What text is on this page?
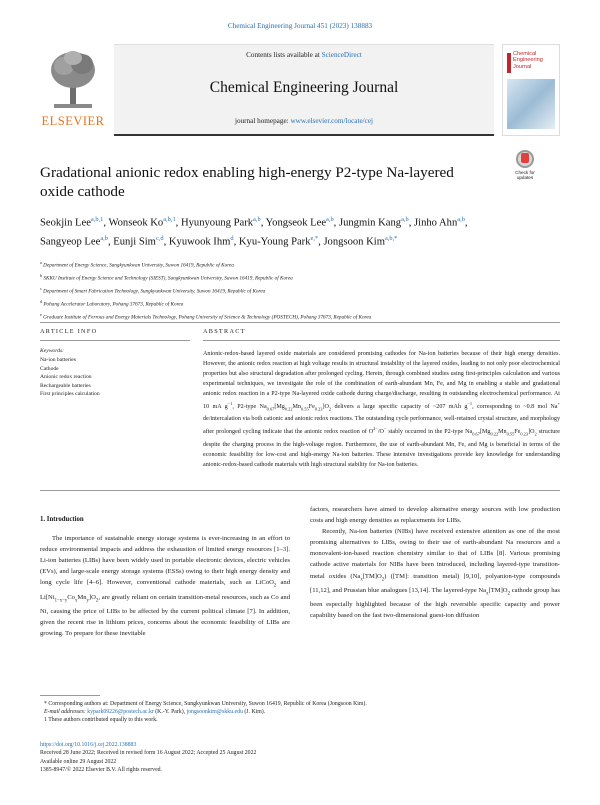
Chemical Engineering Journal 451 (2023) 138883
ELSEVIER
Contents lists available at ScienceDirect
Chemical Engineering Journal
journal homepage: www.elsevier.com/locate/cej
Chemical Engineering Journal
Gradational anionic redox enabling high-energy P2-type Na-layered oxide cathode
Check for updates
Seokjin Lee$^{a,b,1}$, Wonseok Ko$^{a,b,1}$, Hyunyoung Park$^{a,b}$, Yongseok Lee$^{a,b}$, Jungmin Kang$^{a,b}$, Jinho Ahn$^{a,b}$, Sangyeop Lee$^{a,b}$, Eunji Sim$^{c,d}$, Kyuwook Ihm$^d$, Kyu-Young Park$^{e,*}$, Jongsoon Kim$^{a,b,*}$
$^a$ Department of Energy Science, Sungkyunkwan University, Suwon 16419, Republic of Korea
$^b$ SKKU Institute of Energy Science and Technology (SIEST), Sungkyunkwan University, Suwon 16419, Republic of Korea
$^c$ Department of Smart Fabrication Technology, Sungkyunkwan University, Suwon 16419, Republic of Korea
$^d$ Pohang Accelerator Laboratory, Pohang 37673, Republic of Korea
$^e$ Graduate Institute of Ferrous and Energy Materials Technology, Pohang University of Science & Technology (POSTECH), Pohang 37673, Republic of Korea
ARTICLE INFO	ABSTRACT
Keywords:
Na-ion batteries
Cathode
Anionic redox reaction
Rechargeable batteries
First principles calculation
Anionic-redox-based layered oxide materials are considered promising cathodes for Na-ion batteries because of their high energy densities. However, the anionic redox reaction at high voltage results in structural instability of the layered oxides, leading to not only poor electrochemical properties but also structural degradation after prolonged cycling. Herein, through combined studies using first-principles calculation and various experimental techniques, we investigate the role of the combination of earth-abundant Mn, Fe, and Mg in enabling a stable and gradational anionic redox reaction in a P2-type Na-layered oxide cathode during charge/discharge, resulting in outstanding electrochemical performance. At 10 mA $g^{-1}$, P2-type $Na_{0.67}[Mg_{0.22}Mn_{0.55}Fe_{0.23}]O_2$ delivers a large specific capacity of ~207 mAh $g^{-1}$, corresponding to ~0.8 mol Na+ de/intercalation via both cationic and anionic redox reactions. The outstanding cycle performance, well-retained crystal structure, and morphology after prolonged cycling indicate that the anionic redox reaction of $O^{2-}/O^-$ stably occurred in the P2-type $Na_{0.67}[Mg_{0.22}Mn_{0.55}Fe_{0.23}]O_2$ structure despite the charging process in the high-voltage region. Furthermore, the use of earth-abundant Mn, Fe, and Mg is beneficial in terms of the economic feasibility for low-cost and high-energy Na-ion batteries. These intensive investigations provide key knowledge for understanding anionic-redox-based cathode materials with high structural stability for Na-ion batteries.
1. Introduction

The importance of sustainable energy storage systems is ever-increasing in an effort to reduce environmental impacts and address the exhaustion of limited energy resources [1–3]. Li-ion batteries (LIBs) have been widely used in portable electronic devices, electric vehicles (EVs), and large-scale energy storage systems (ESSs) owing to their high energy density and long cycle life [4–6]. However, conventional cathode materials, such as LiCoO$_2$ and $Li[Ni_{1-x-y}Co_xMn_y]O_2$, are greatly reliant on certain transition-metal resources, such as Co and Ni, causing the price of LIBs to be affected by the current political climate [7]. In addition, given the recent rise in lithium prices, concerns about the economic feasibility of LIBs are growing. To prepare for these inevitable

factors, researchers have aimed to develop alternative energy sources with low production costs and high energy densities as replacements for LIBs.

Recently, Na-ion batteries (NIBs) have received extensive attention as one of the most promising alternatives to LIBs, owing to their use of earth-abundant Na resources and a monovalent-ion-based reaction chemistry similar to that of LIBs [8]. Various promising cathode active materials for NIBs have been introduced, including layered-type transition-metal oxides $(Na_x[TM]O_2)$ ([TM]: transition metal) [9,10], polyanion-type compounds [11,12], and Prussian blue analogues [13,14]. The layered-type $Na_x[TM]O_2$ cathode group has been especially highlighted because of the high reversible specific capacity and power capability based on the fast two-dimensional guest-ion diffusion

* Corresponding authors at: Department of Energy Science, Sungkyunkwan University, Suwon 16419, Republic of Korea (Jongsoon Kim).
E-mail addresses: kypark09226@postech.ac.kr (K.-Y. Park), jongsoonkim@skku.edu (J. Kim).
1 These authors contributed equally to this work.
https://doi.org/10.1016/j.cej.2022.138883
Received 28 June 2022; Received in revised form 16 August 2022; Accepted 25 August 2022
Available online 29 August 2022
1385-8947/© 2022 Elsevier B.V. All rights reserved.
